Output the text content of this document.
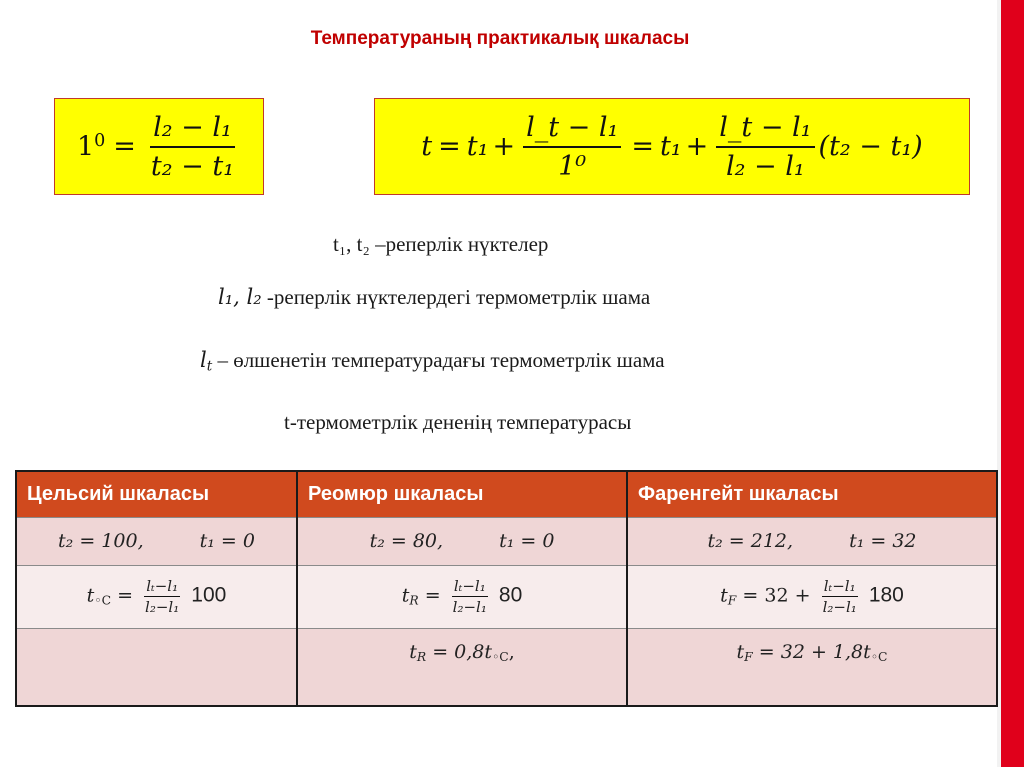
Температураның практикалық шкаласы
$1^0 = \frac{\text{l₂ − l₁}}{\text{t₂ − t₁}}$	$t = t_1 + \frac{\text{l\_t − l₁}}{\text{1⁰}} = t_1 + \frac{\text{l\_t − l₁}}{\text{l₂ − l₁}} (t_2 - t_1)$
t₁, t₂ –реперлік нүктелер
l₁, l₂ -реперлік нүктелердегі термометрлік шама
$l_t$ – өлшенетін температурадағы термометрлік шама
t-термометрлік дененің температурасы
Цельсий шкаласы	Реомюр шкаласы	Фаренгейт шкаласы
t₂ = 100, t₁ = 0	t₂ = 80, t₁ = 0	t₂ = 212, t₁ = 32
$t_{◦C} = \frac{\text{lₜ−l₁}}{\text{l₂−l₁}} 100$	$t_R = \frac{\text{lₜ−l₁}}{\text{l₂−l₁}} 80$	$t_F = 32 + \frac{\text{lₜ−l₁}}{\text{l₂−l₁}} 180$
	$t_R = 0,8t_{◦C}$,	$t_F = 32 + 1,8t_{◦C}$
